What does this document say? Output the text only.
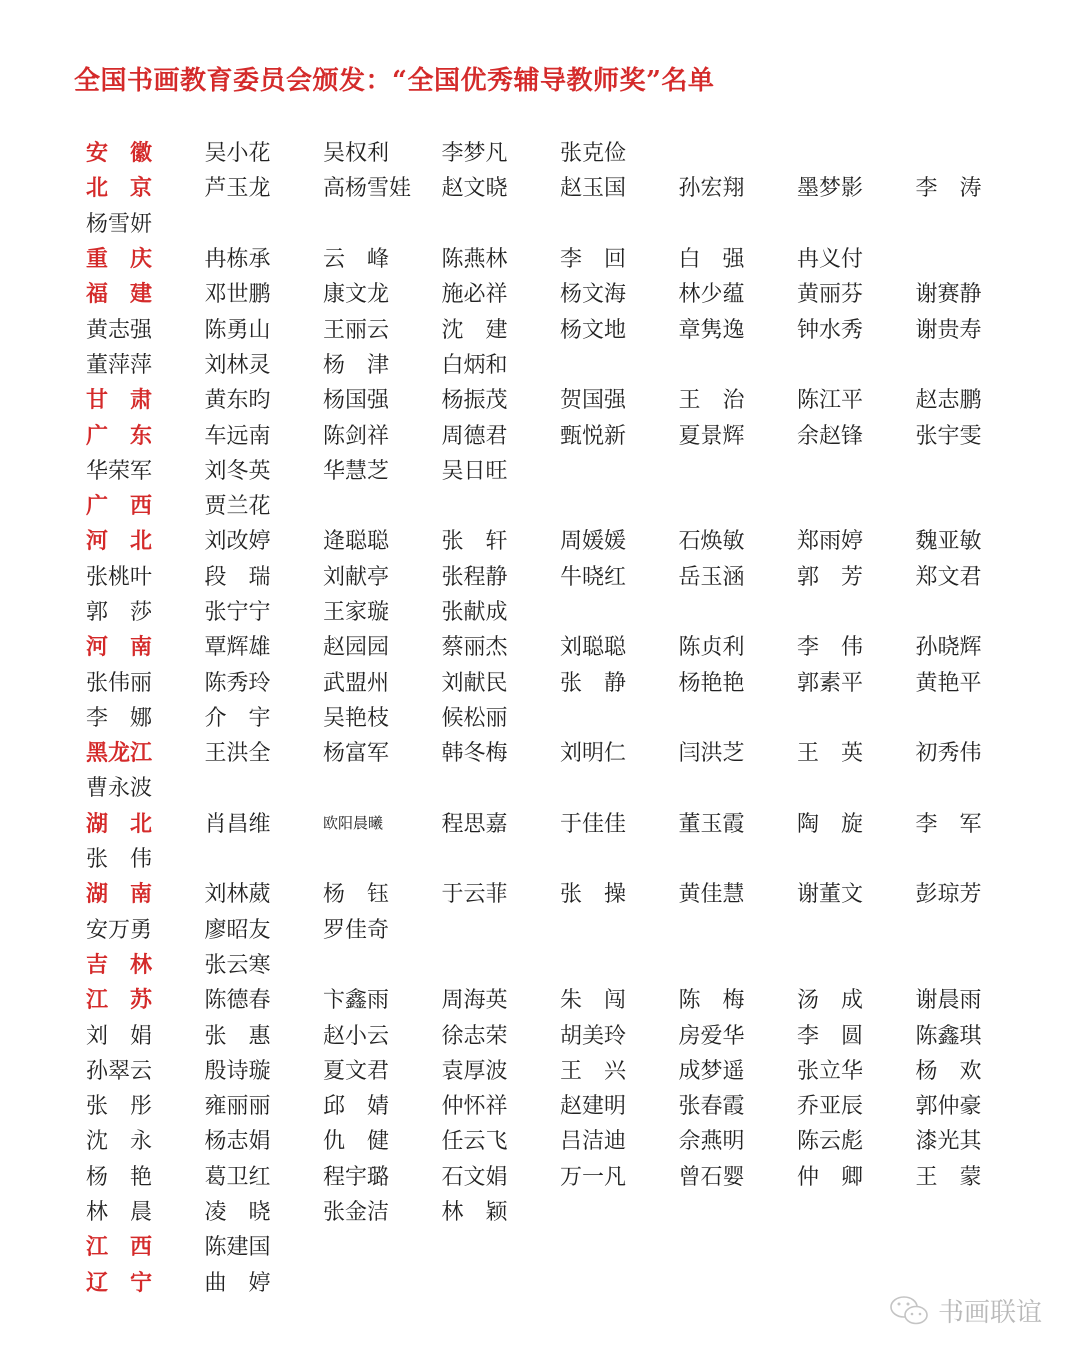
全国书画教育委员会颁发：“全国优秀辅导教师奖”名单
安　徽	吴小花	吴权利	李梦凡	张克俭
北　京	芦玉龙	高杨雪娃	赵文晓	赵玉国	孙宏翔	墨梦影	李　涛
杨雪妍
重　庆	冉栋承	云　峰	陈燕林	李　回	白　强	冉义付
福　建	邓世鹏	康文龙	施必祥	杨文海	林少蕴	黄丽芬	谢赛静
黄志强	陈勇山	王丽云	沈　建	杨文地	章隽逸	钟水秀	谢贵寿
董萍萍	刘林灵	杨　津	白炳和
甘　肃	黄东昀	杨国强	杨振茂	贺国强	王　治	陈江平	赵志鹏
广　东	车远南	陈剑祥	周德君	甄悦新	夏景辉	余赵锋	张宇雯
华荣军	刘冬英	华慧芝	吴日旺
广　西	贾兰花
河　北	刘改婷	逄聪聪	张　轩	周媛媛	石焕敏	郑雨婷	魏亚敏
张桃叶	段　瑞	刘献亭	张程静	牛晓红	岳玉涵	郭　芳	郑文君
郭　莎	张宁宁	王家璇	张献成
河　南	覃辉雄	赵园园	蔡丽杰	刘聪聪	陈贞利	李　伟	孙晓辉
张伟丽	陈秀玲	武盟州	刘献民	张　静	杨艳艳	郭素平	黄艳平
李　娜	介　宇	吴艳枝	候松丽
黑龙江	王洪全	杨富军	韩冬梅	刘明仁	闫洪芝	王　英	初秀伟
曹永波
湖　北	肖昌维	欧阳晨曦	程思嘉	于佳佳	董玉霞	陶　旋	李　军
张　伟
湖　南	刘林葳	杨　钰	于云菲	张　操	黄佳慧	谢董文	彭琼芳
安万勇	廖昭友	罗佳奇
吉　林	张云寒
江　苏	陈德春	卞鑫雨	周海英	朱　闯	陈　梅	汤　成	谢晨雨
刘　娟	张　惠	赵小云	徐志荣	胡美玲	房爱华	李　圆	陈鑫琪
孙翠云	殷诗璇	夏文君	袁厚波	王　兴	成梦遥	张立华	杨　欢
张　彤	雍丽丽	邱　婧	仲怀祥	赵建明	张春霞	乔亚辰	郭仲豪
沈　永	杨志娟	仇　健	任云飞	吕洁迪	佘燕明	陈云彪	漆光其
杨　艳	葛卫红	程宇璐	石文娟	万一凡	曾石婴	仲　卿	王　蒙
林　晨	凌　晓	张金洁	林　颖
江　西	陈建国
辽　宁	曲　婷
书画联谊
